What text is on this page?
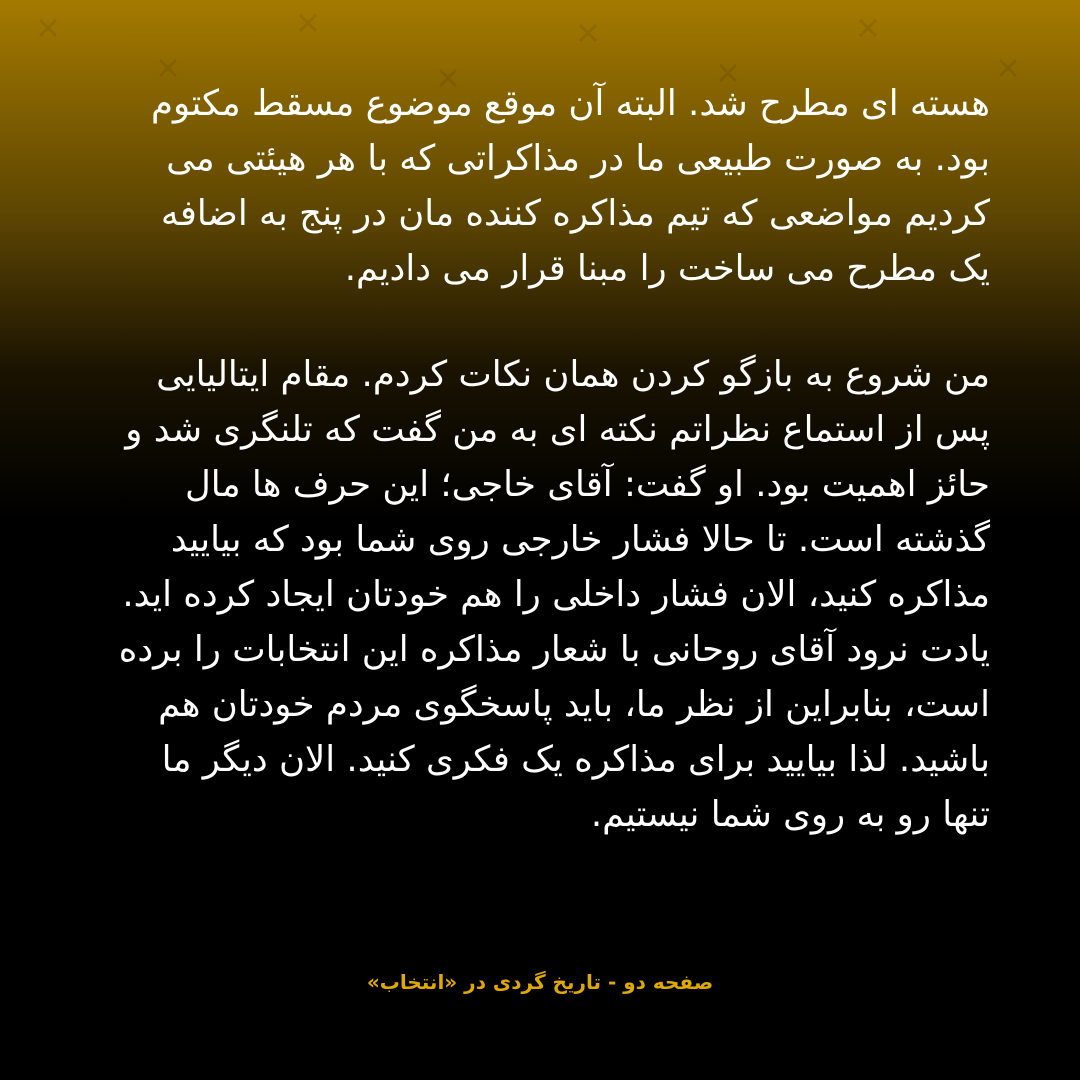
هسته ای مطرح شد. البته آن موقع موضوع مسقط مکتوم
بود. به صورت طبیعی ما در مذاکراتی که با هر هیئتی می
کردیم مواضعی که تیم مذاکره کننده مان در پنج به اضافه
یک مطرح می ساخت را مبنا قرار می دادیم.
من شروع به بازگو کردن همان نکات کردم. مقام ایتالیایی
پس از استماع نظراتم نکته ای به من گفت که تلنگری شد و
حائز اهمیت بود. او گفت: آقای خاجی؛ این حرف ها مال
گذشته است. تا حالا فشار خارجی روی شما بود که بیایید
مذاکره کنید، الان فشار داخلی را هم خودتان ایجاد کرده اید.
یادت نرود آقای روحانی با شعار مذاکره این انتخابات را برده
است، بنابراین از نظر ما، باید پاسخگوی مردم خودتان هم
باشید. لذا بیایید برای مذاکره یک فکری کنید. الان دیگر ما
تنها رو به روی شما نیستیم.
صفحه دو - تاریخ گردی در «انتخاب»
